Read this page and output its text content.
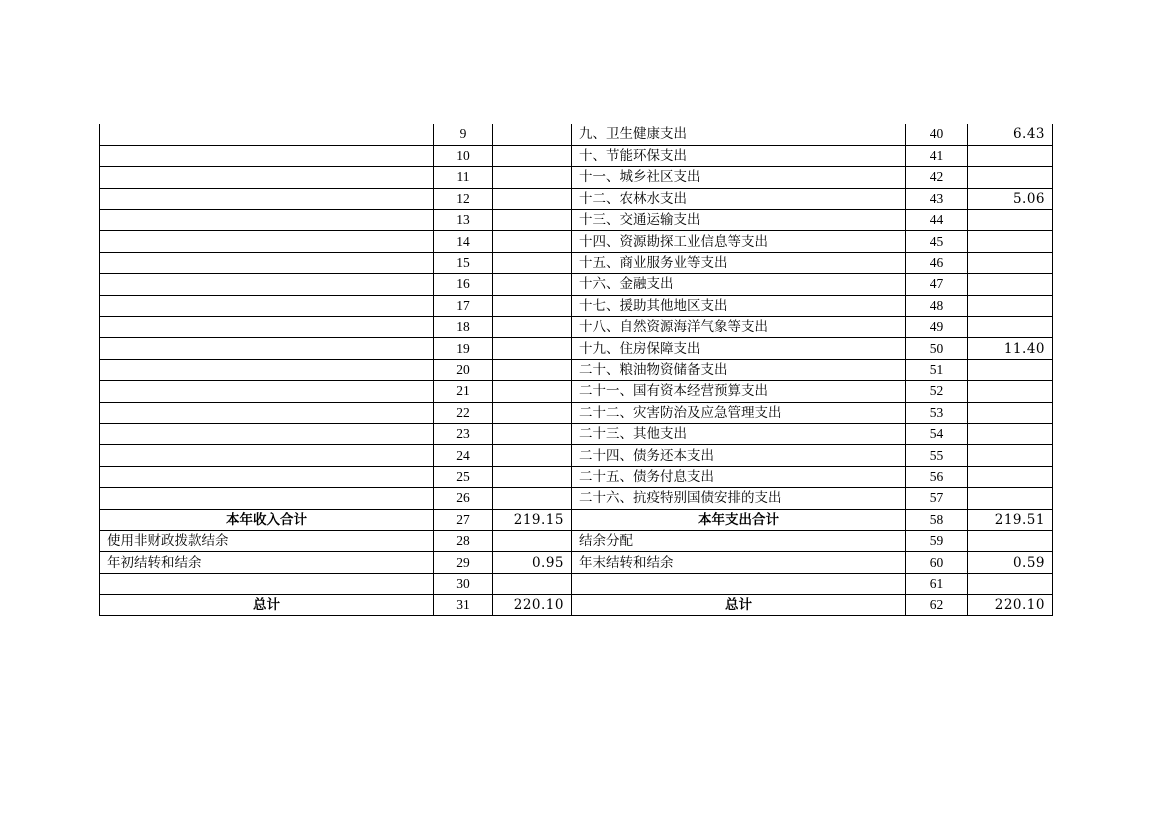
	9		九、卫生健康支出	40	6.43
	10		十、节能环保支出	41	
	11		十一、城乡社区支出	42	
	12		十二、农林水支出	43	5.06
	13		十三、交通运输支出	44	
	14		十四、资源勘探工业信息等支出	45	
	15		十五、商业服务业等支出	46	
	16		十六、金融支出	47	
	17		十七、援助其他地区支出	48	
	18		十八、自然资源海洋气象等支出	49	
	19		十九、住房保障支出	50	11.40
	20		二十、粮油物资储备支出	51	
	21		二十一、国有资本经营预算支出	52	
	22		二十二、灾害防治及应急管理支出	53	
	23		二十三、其他支出	54	
	24		二十四、债务还本支出	55	
	25		二十五、债务付息支出	56	
	26		二十六、抗疫特别国债安排的支出	57	
本年收入合计	27	219.15	本年支出合计	58	219.51
使用非财政拨款结余	28		结余分配	59	
年初结转和结余	29	0.95	年末结转和结余	60	0.59
	30			61	
总计	31	220.10	总计	62	220.10
